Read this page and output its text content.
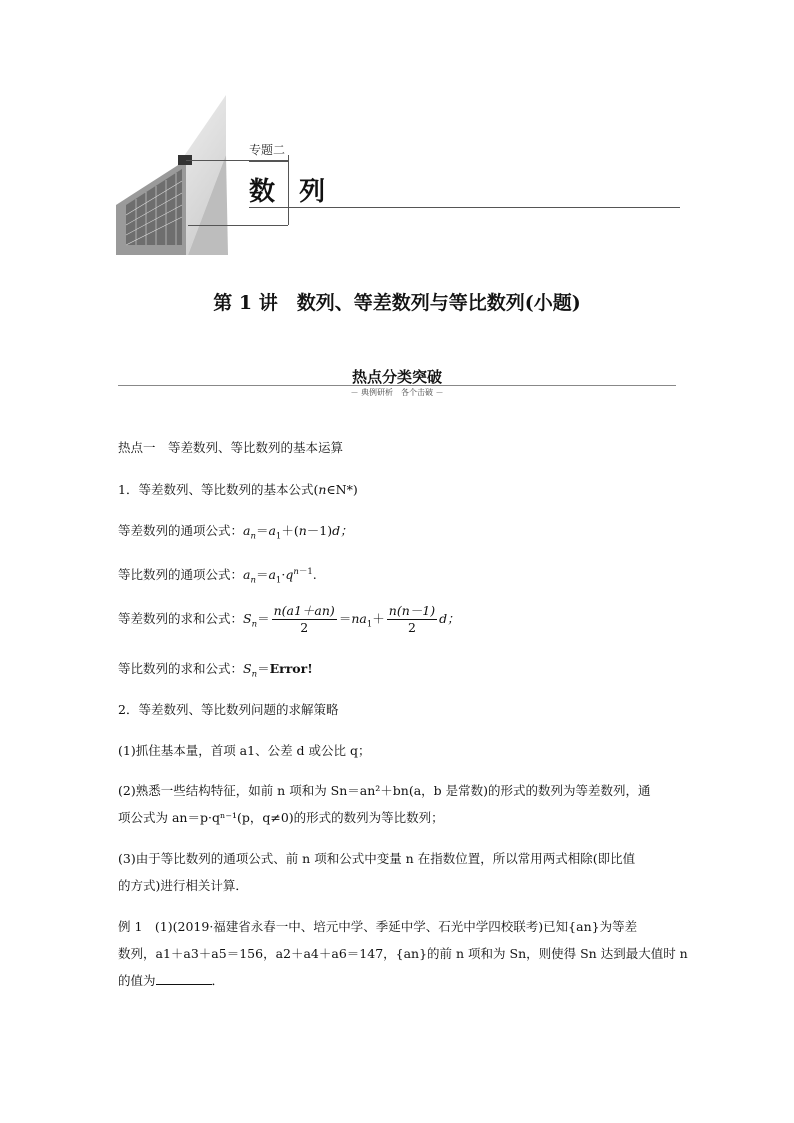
专题二
数  列
第 1 讲　数列、等差数列与等比数列(小题)
热点分类突破
－ 典例研析　各个击破 －
热点一　等差数列、等比数列的基本运算
1．等差数列、等比数列的基本公式(n∈N*)
等差数列的通项公式：$a_n=a_1+(n-1)d$；
等比数列的通项公式：$a_n=a_1\cdot q^{n-1}$.
等差数列的求和公式：$S_n= \frac{n(a1+an)}{2} =na_1+ \frac{n(n-1)}{2}$ d；
等比数列的求和公式：$S_n=Error$!
2．等差数列、等比数列问题的求解策略
(1)抓住基本量，首项 a1、公差 d 或公比 q；
(2)熟悉一些结构特征，如前 n 项和为 Sn＝an²＋bn(a，b 是常数)的形式的数列为等差数列，通
项公式为 an＝p·qⁿ⁻¹(p，q≠0)的形式的数列为等比数列；
(3)由于等比数列的通项公式、前 n 项和公式中变量 n 在指数位置，所以常用两式相除(即比值
的方式)进行相关计算．
例 1　(1)(2019·福建省永春一中、培元中学、季延中学、石光中学四校联考)已知{an}为等差
数列，a1＋a3＋a5＝156，a2＋a4＋a6＝147，{an}的前 n 项和为 Sn，则使得 Sn 达到最大值时 n
的值为	．
